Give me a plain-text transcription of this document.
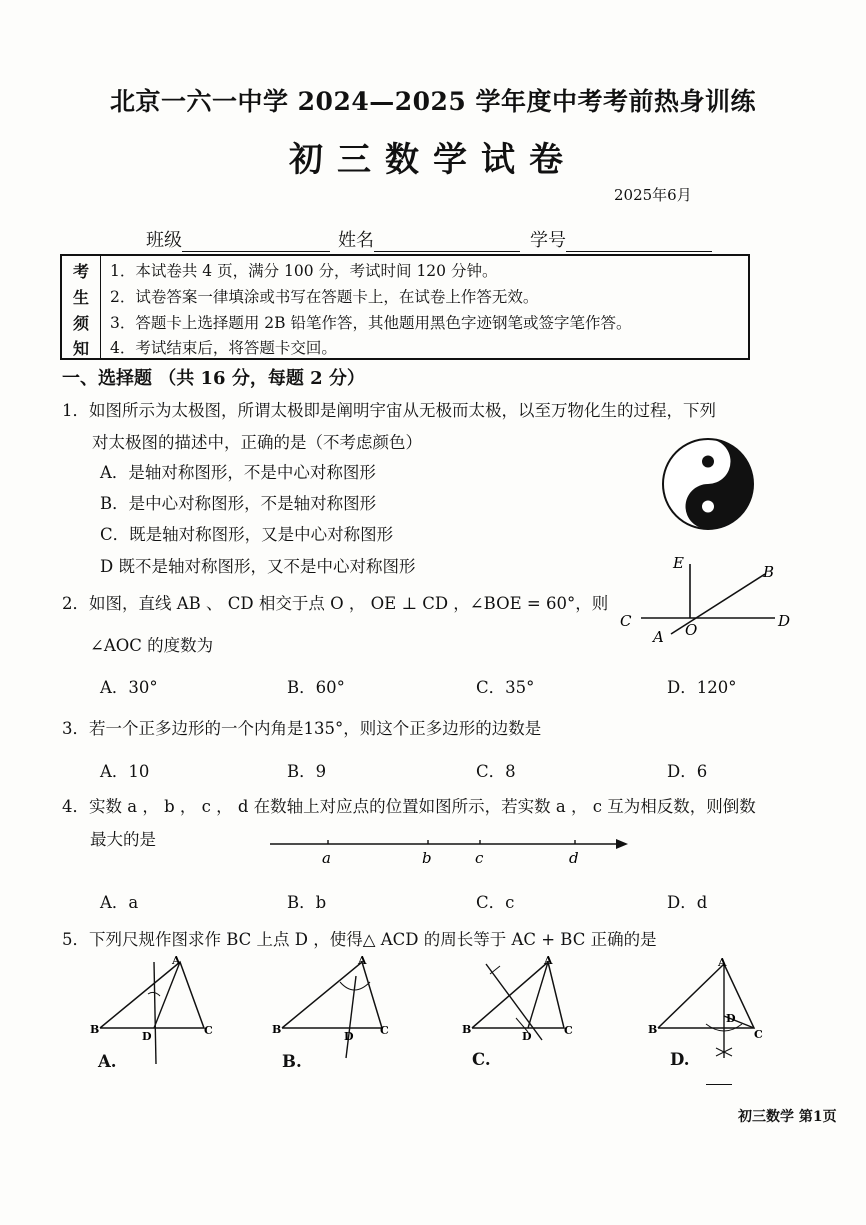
北京一六一中学 2024—2025 学年度中考考前热身训练
初三数学试卷
2025年6月
班级	姓名	学号
考
生
须
知
1．本试卷共 4 页，满分 100 分，考试时间 120 分钟。
2．试卷答案一律填涂或书写在答题卡上，在试卷上作答无效。
3．答题卡上选择题用 2B 铅笔作答，其他题用黑色字迹钢笔或签字笔作答。
4．考试结束后，将答题卡交回。
一、选择题 （共 16 分，每题 2 分）
1．如图所示为太极图，所谓太极即是阐明宇宙从无极而太极，以至万物化生的过程，下列
对太极图的描述中，正确的是（不考虑颜色）
A．是轴对称图形，不是中心对称图形
B．是中心对称图形，不是轴对称图形
C．既是轴对称图形，又是中心对称图形
D 既不是轴对称图形，又不是中心对称图形
2．如图，直线 AB 、 CD 相交于点 O ， OE ⊥ CD ，∠BOE = 60°，则
∠AOC 的度数为
A．30°	B．60°	C．35°	D．120°
E	B
C	D
A O
3．若一个正多边形的一个内角是135°，则这个正多边形的边数是
A．10	B．9	C．8	D．6
4．实数 a ， b ， c ， d 在数轴上对应点的位置如图所示，若实数 a ， c 互为相反数，则倒数
最大的是
a	b	c	d
A．a	B．b	C．c	D．d
5．下列尺规作图求作 BC 上点 D ，使得△ ACD 的周长等于 AC + BC 正确的是
A
B
D	C
A.
A
B
D C
B.
A
B
D	C
C.
A
B
D
C
D.
初三数学 第1页
